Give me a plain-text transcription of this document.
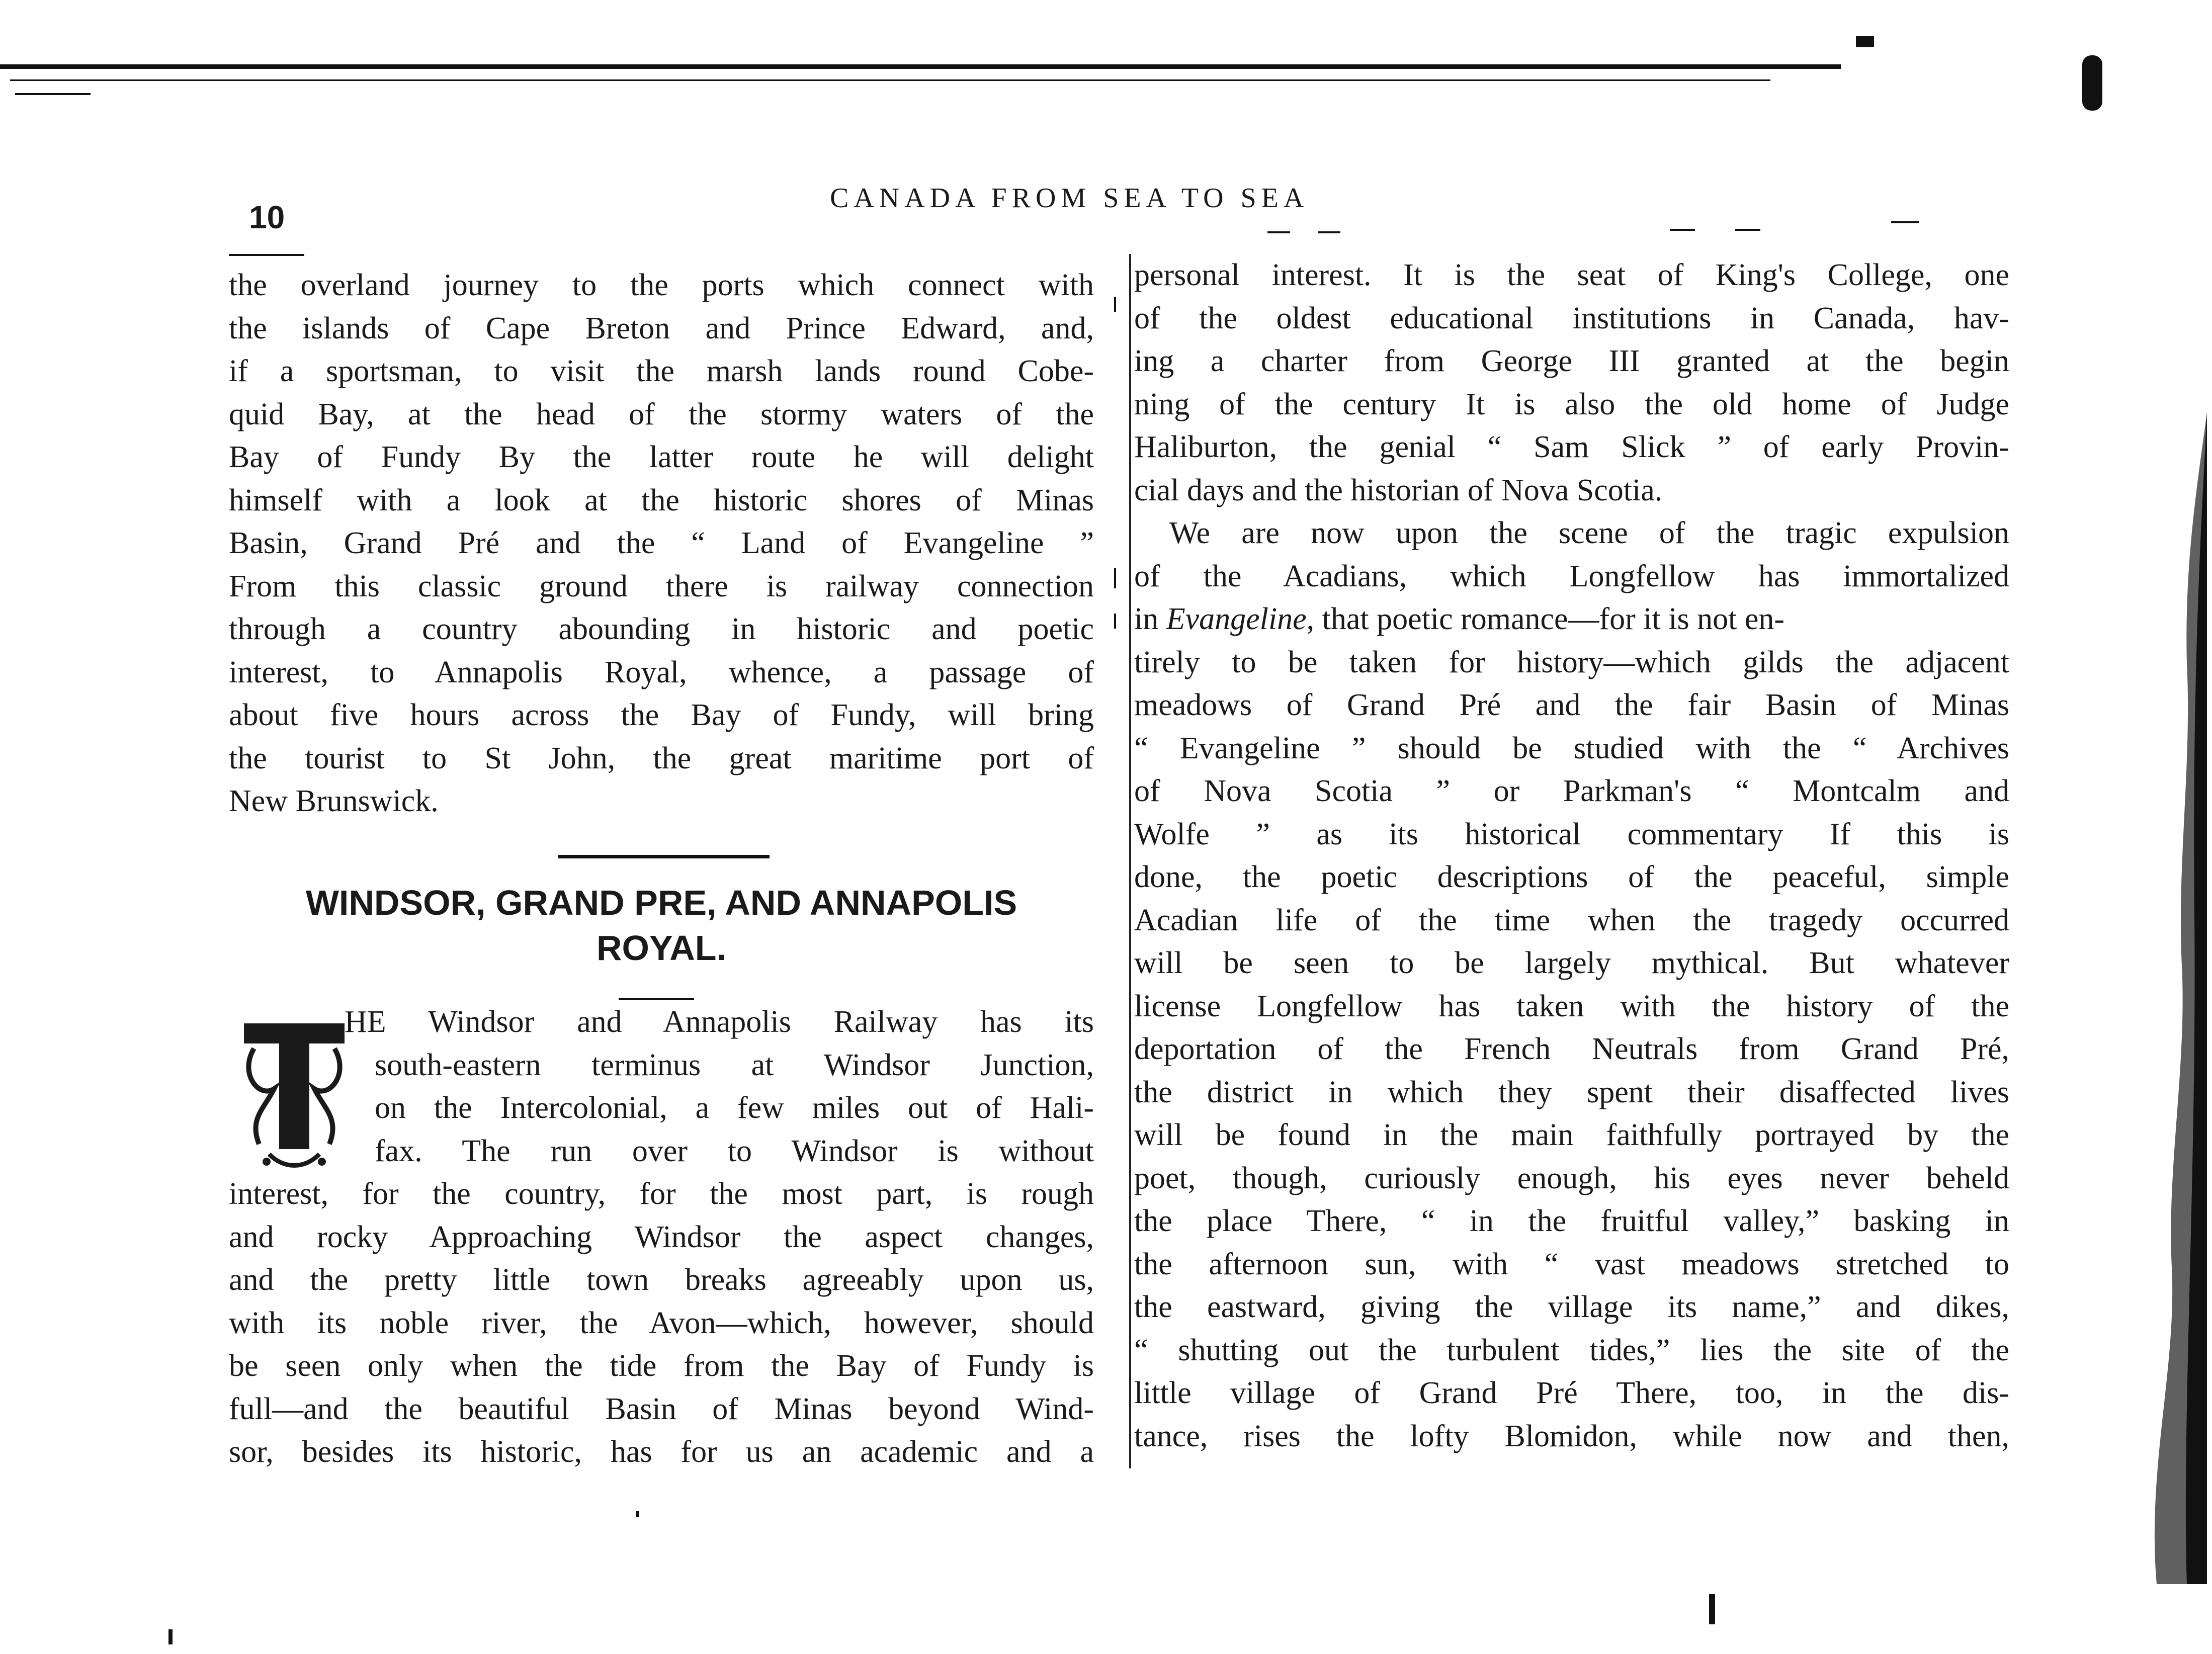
10
CANADA FROM SEA TO SEA
the overland journey to the ports which connect with
the islands of Cape Breton and Prince Edward, and,
if a sportsman, to visit the marsh lands round Cobe-
quid Bay, at the head of the stormy waters of the
Bay of Fundy By the latter route he will delight
himself with a look at the historic shores of Minas
Basin, Grand Pré and the “ Land of Evangeline ”
From this classic ground there is railway connection
through a country abounding in historic and poetic
interest, to Annapolis Royal, whence, a passage of
about five hours across the Bay of Fundy, will bring
the tourist to St John, the great maritime port of
New Brunswick.
WINDSOR, GRAND PRE, AND ANNAPOLIS
ROYAL.
T
HE Windsor and Annapolis Railway has its
south-eastern terminus at Windsor Junction,
on the Intercolonial, a few miles out of Hali-
fax. The run over to Windsor is without
interest, for the country, for the most part, is rough
and rocky Approaching Windsor the aspect changes,
and the pretty little town breaks agreeably upon us,
with its noble river, the Avon—which, however, should
be seen only when the tide from the Bay of Fundy is
full—and the beautiful Basin of Minas beyond Wind-
sor, besides its historic, has for us an academic and a
personal interest. It is the seat of King's College, one
of the oldest educational institutions in Canada, hav-
ing a charter from George III granted at the begin
ning of the century It is also the old home of Judge
Haliburton, the genial “ Sam Slick ” of early Provin-
cial days and the historian of Nova Scotia.
We are now upon the scene of the tragic expulsion
of the Acadians, which Longfellow has immortalized
in Evangeline, that poetic romance—for it is not en-
tirely to be taken for history—which gilds the adjacent
meadows of Grand Pré and the fair Basin of Minas
“ Evangeline ” should be studied with the “ Archives
of Nova Scotia ” or Parkman's “ Montcalm and
Wolfe ” as its historical commentary If this is
done, the poetic descriptions of the peaceful, simple
Acadian life of the time when the tragedy occurred
will be seen to be largely mythical. But whatever
license Longfellow has taken with the history of the
deportation of the French Neutrals from Grand Pré,
the district in which they spent their disaffected lives
will be found in the main faithfully portrayed by the
poet, though, curiously enough, his eyes never beheld
the place There, “ in the fruitful valley,” basking in
the afternoon sun, with “ vast meadows stretched to
the eastward, giving the village its name,” and dikes,
“ shutting out the turbulent tides,” lies the site of the
little village of Grand Pré There, too, in the dis-
tance, rises the lofty Blomidon, while now and then,
